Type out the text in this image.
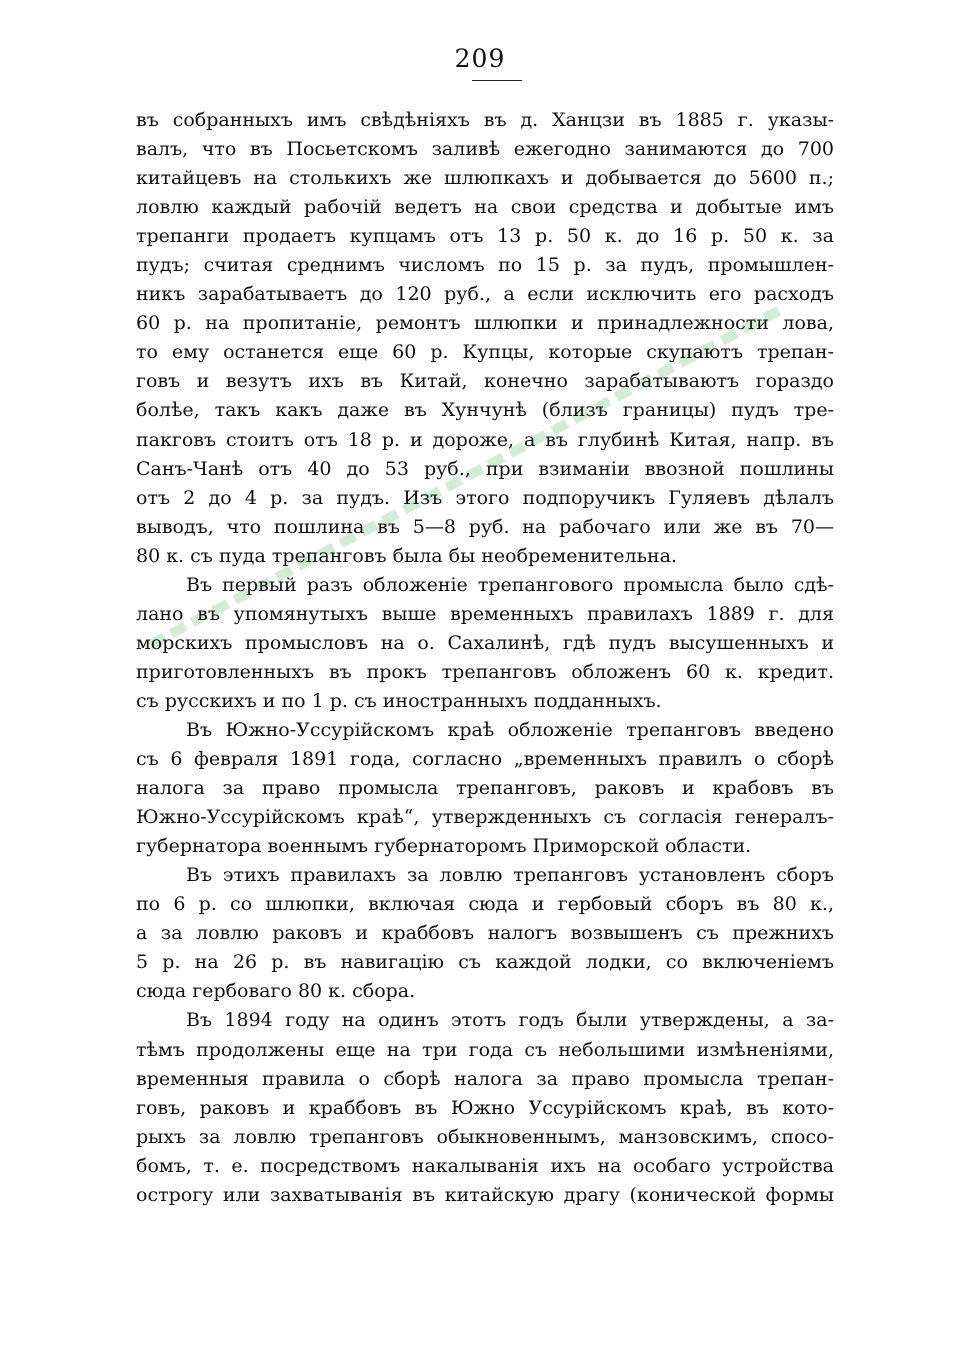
209
въ собранныхъ имъ свѣдѣніяхъ въ д. Ханцзи въ 1885 г. указы-
валъ, что въ Посьетскомъ заливѣ ежегодно занимаются до 700
китайцевъ на столькихъ же шлюпкахъ и добывается до 5600 п.;
ловлю каждый рабочій ведетъ на свои средства и добытые имъ
трепанги продаетъ купцамъ отъ 13 р. 50 к. до 16 р. 50 к. за
пудъ; считая среднимъ числомъ по 15 р. за пудъ, промышлен-
никъ зарабатываетъ до 120 руб., а если исключить его расходъ
60 р. на пропитаніе, ремонтъ шлюпки и принадлежности лова,
то ему останется еще 60 р. Купцы, которые скупаютъ трепан-
говъ и везутъ ихъ въ Китай, конечно зарабатываютъ гораздо
болѣе, такъ какъ даже въ Хунчунѣ (близъ границы) пудъ тре-
пакговъ стоитъ отъ 18 р. и дороже, а въ глубинѣ Китая, напр. въ
Санъ-Чанѣ отъ 40 до 53 руб., при взиманіи ввозной пошлины
отъ 2 до 4 р. за пудъ. Изъ этого подпоручикъ Гуляевъ дѣлалъ
выводъ, что пошлина въ 5—8 руб. на рабочаго или же въ 70—
80 к. съ пуда трепанговъ была бы необременительна.
Въ первый разъ обложеніе трепангового промысла было сдѣ-
лано въ упомянутыхъ выше временныхъ правилахъ 1889 г. для
морскихъ промысловъ на о. Сахалинѣ, гдѣ пудъ высушенныхъ и
приготовленныхъ въ прокъ трепанговъ обложенъ 60 к. кредит.
съ русскихъ и по 1 р. съ иностранныхъ подданныхъ.
Въ Южно-Уссурійскомъ краѣ обложеніе трепанговъ введено
съ 6 февраля 1891 года, согласно „временныхъ правилъ о сборѣ
налога за право промысла трепанговъ, раковъ и крабовъ въ
Южно-Уссурійскомъ краѣ“, утвержденныхъ съ согласія генералъ-
губернатора военнымъ губернаторомъ Приморской области.
Въ этихъ правилахъ за ловлю трепанговъ установленъ сборъ
по 6 р. со шлюпки, включая сюда и гербовый сборъ въ 80 к.,
а за ловлю раковъ и краббовъ налогъ возвышенъ съ прежнихъ
5 р. на 26 р. въ навигацію съ каждой лодки, со включеніемъ
сюда гербоваго 80 к. сбора.
Въ 1894 году на одинъ этотъ годъ были утверждены, а за-
тѣмъ продолжены еще на три года съ небольшими измѣненіями,
временныя правила о сборѣ налога за право промысла трепан-
говъ, раковъ и краббовъ въ Южно Уссурійскомъ краѣ, въ кото-
рыхъ за ловлю трепанговъ обыкновеннымъ, манзовскимъ, спосо-
бомъ, т. е. посредствомъ накалыванія ихъ на особаго устройства
острогу или захватыванія въ китайскую драгу (конической формы
